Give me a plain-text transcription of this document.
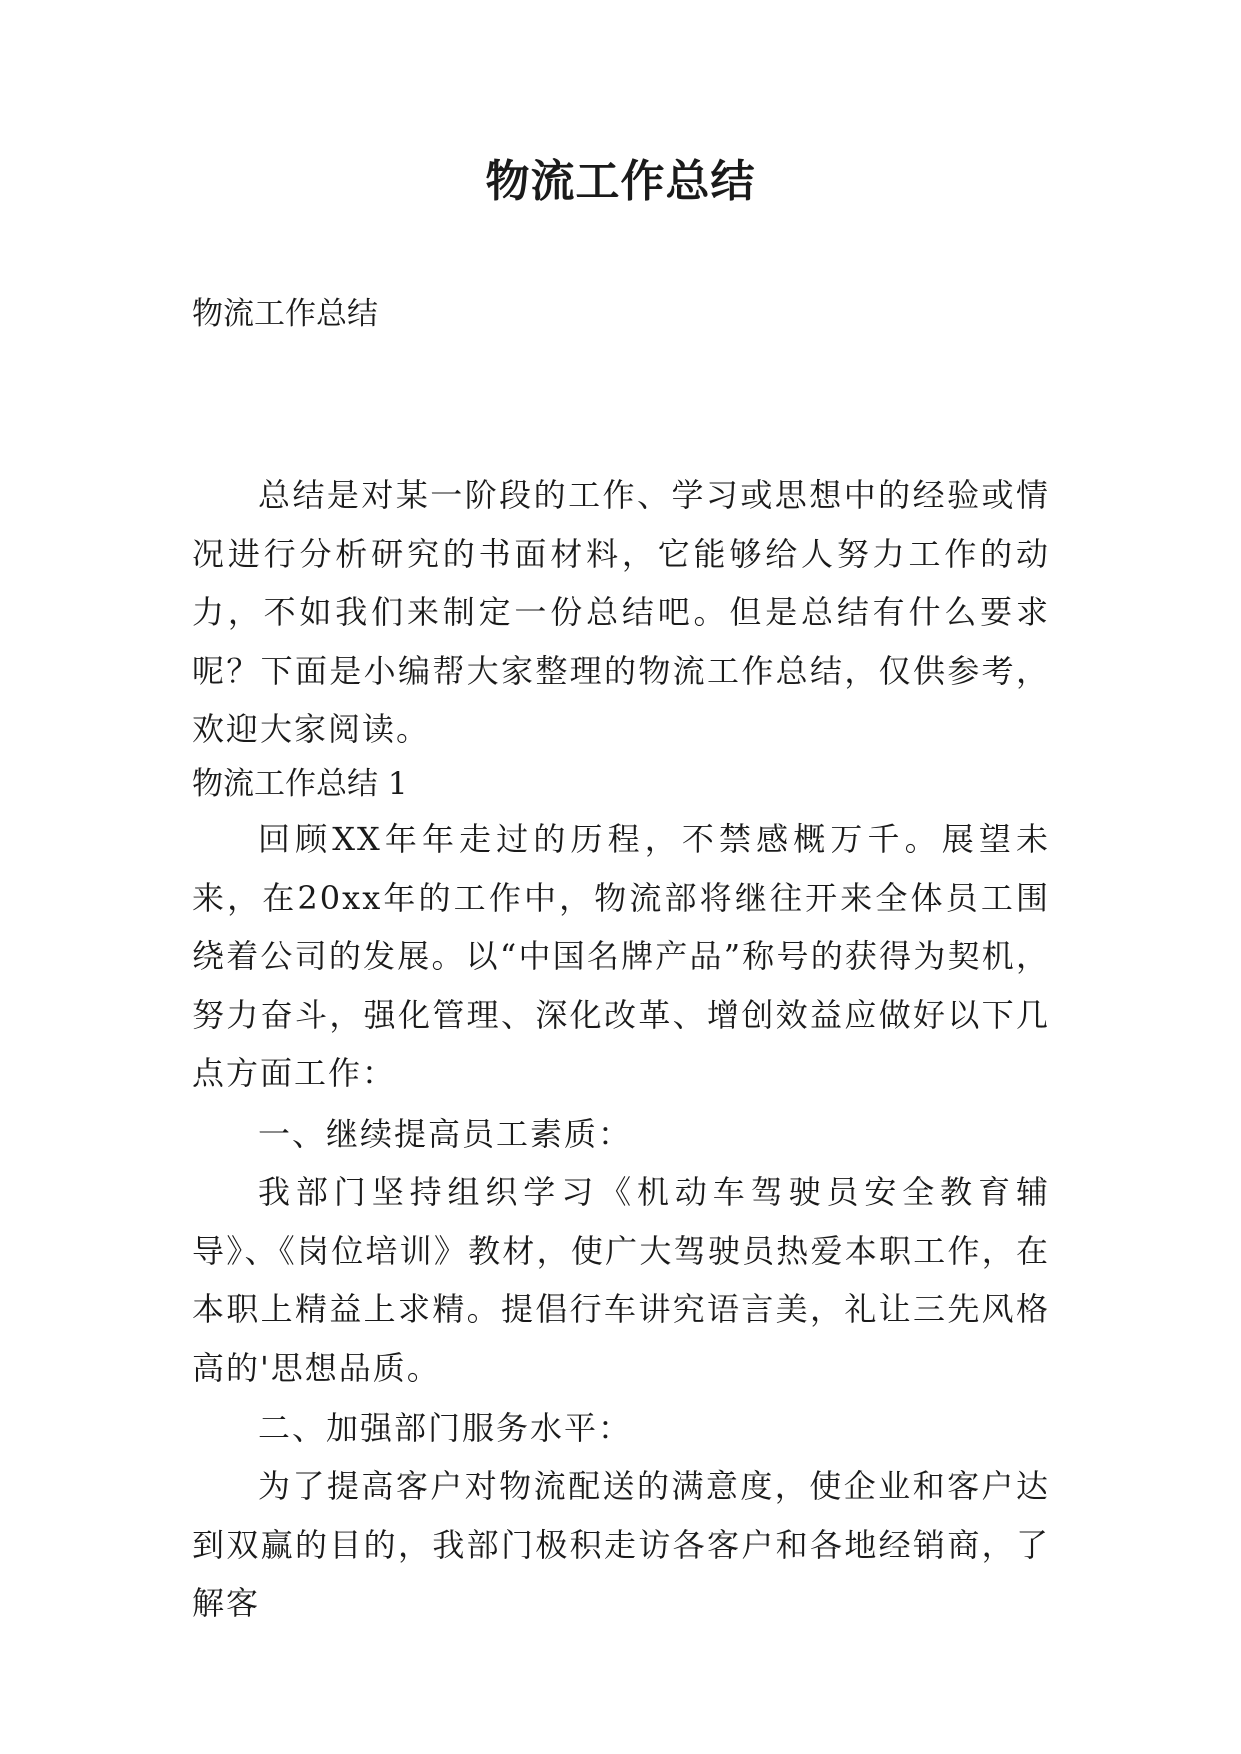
物流工作总结

物流工作总结

总结是对某一阶段的工作、学习或思想中的经验或情况进行分析研究的书面材料，它能够给人努力工作的动力，不如我们来制定一份总结吧。但是总结有什么要求呢？下面是小编帮大家整理的物流工作总结，仅供参考，欢迎大家阅读。

物流工作总结 1

回顾XX年年走过的历程，不禁感概万千。展望未来，在20xx年的工作中，物流部将继往开来全体员工围绕着公司的发展。以“中国名牌产品”称号的获得为契机，努力奋斗，强化管理、深化改革、增创效益应做好以下几点方面工作：

一、继续提高员工素质：

我部门坚持组织学习《机动车驾驶员安全教育辅导》、《岗位培训》教材，使广大驾驶员热爱本职工作，在本职上精益上求精。提倡行车讲究语言美，礼让三先风格高的'思想品质。

二、加强部门服务水平：

为了提高客户对物流配送的满意度，使企业和客户达到双赢的目的，我部门极积走访各客户和各地经销商，了解客
